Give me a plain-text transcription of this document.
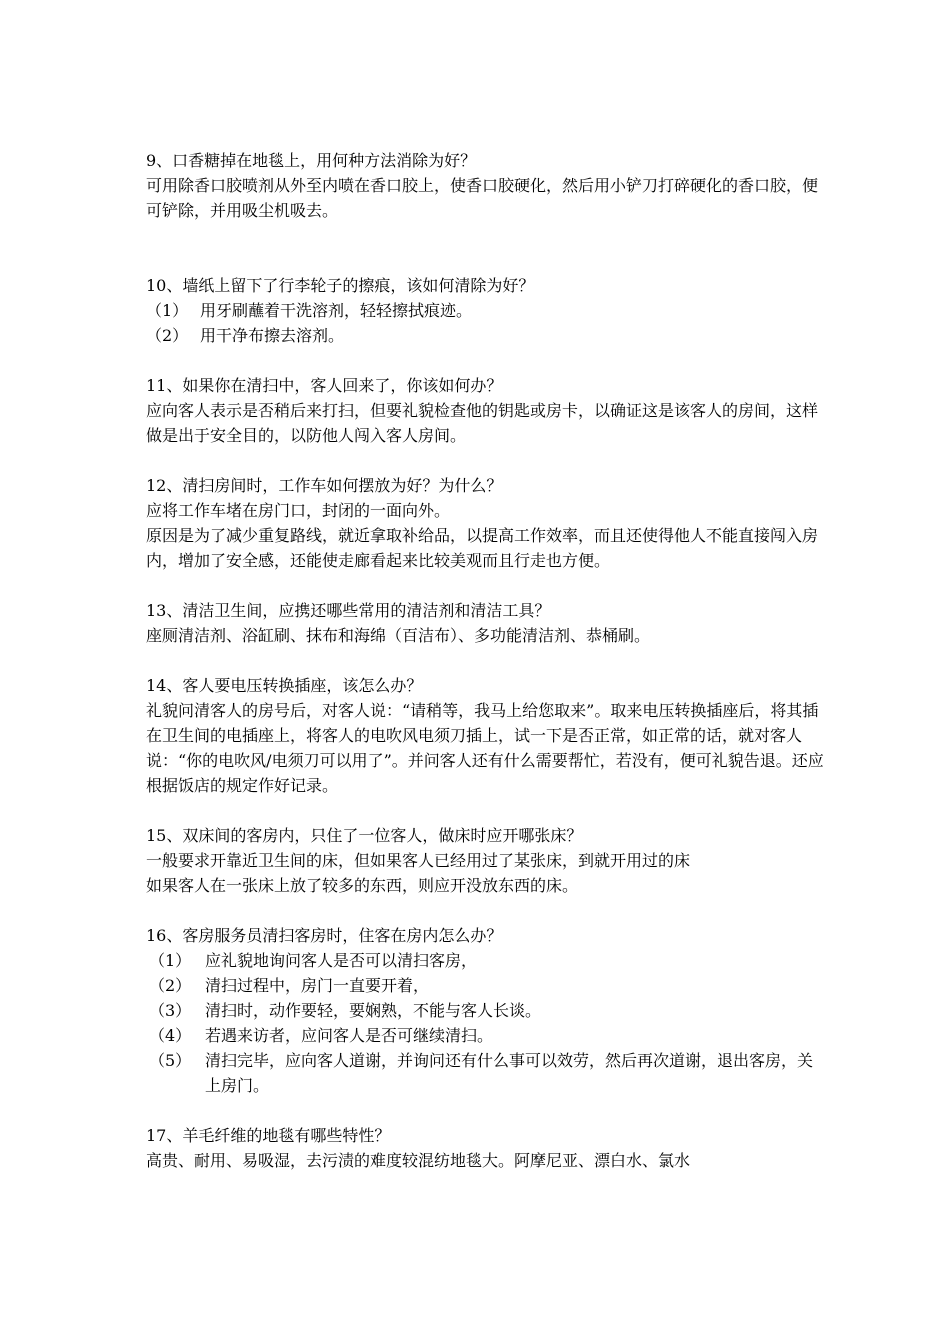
9、口香糖掉在地毯上，用何种方法消除为好？

可用除香口胶喷剂从外至内喷在香口胶上，使香口胶硬化，然后用小铲刀打碎硬化的香口胶，便可铲除，并用吸尘机吸去。

10、墙纸上留下了行李轮子的擦痕，该如何清除为好？

（1） 用牙刷蘸着干洗溶剂，轻轻擦拭痕迹。
（2） 用干净布擦去溶剂。

11、如果你在清扫中，客人回来了，你该如何办？

应向客人表示是否稍后来打扫，但要礼貌检查他的钥匙或房卡，以确证这是该客人的房间，这样做是出于安全目的，以防他人闯入客人房间。

12、清扫房间时，工作车如何摆放为好？为什么？

应将工作车堵在房门口，封闭的一面向外。

原因是为了减少重复路线，就近拿取补给品，以提高工作效率，而且还使得他人不能直接闯入房内，增加了安全感，还能使走廊看起来比较美观而且行走也方便。

13、清洁卫生间，应携还哪些常用的清洁剂和清洁工具？

座厕清洁剂、浴缸刷、抹布和海绵（百洁布）、多功能清洁剂、恭桶刷。

14、客人要电压转换插座，该怎么办？

礼貌问清客人的房号后，对客人说：“请稍等，我马上给您取来”。取来电压转换插座后，将其插在卫生间的电插座上，将客人的电吹风电须刀插上，试一下是否正常，如正常的话，就对客人说：“你的电吹风/电须刀可以用了”。并问客人还有什么需要帮忙，若没有，便可礼貌告退。还应根据饭店的规定作好记录。

15、双床间的客房内，只住了一位客人，做床时应开哪张床？

一般要求开靠近卫生间的床，但如果客人已经用过了某张床，到就开用过的床

如果客人在一张床上放了较多的东西，则应开没放东西的床。

16、客房服务员清扫客房时，住客在房内怎么办？

（1） 应礼貌地询问客人是否可以清扫客房，
（2） 清扫过程中，房门一直要开着，
（3） 清扫时，动作要轻，要娴熟，不能与客人长谈。
（4） 若遇来访者，应问客人是否可继续清扫。
（5） 清扫完毕，应向客人道谢，并询问还有什么事可以效劳，然后再次道谢，退出客房，关上房门。

17、羊毛纤维的地毯有哪些特性？

高贵、耐用、易吸湿，去污渍的难度较混纺地毯大。阿摩尼亚、漂白水、氯水
